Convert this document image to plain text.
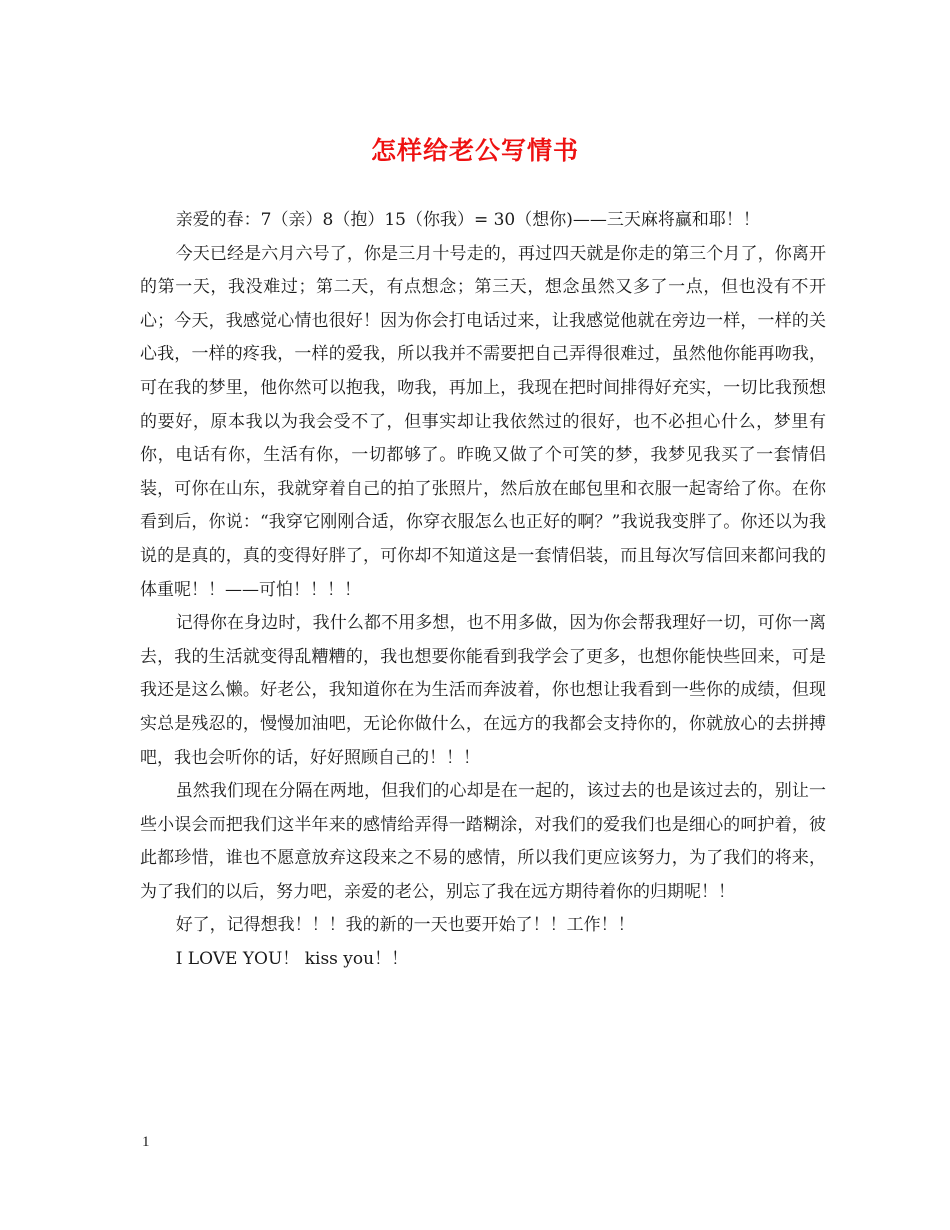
怎样给老公写情书

亲爱的春：7（亲）8（抱）15（你我）= 30（想你)——三天麻将赢和耶！！

今天已经是六月六号了，你是三月十号走的，再过四天就是你走的第三个月了，你离开的第一天，我没难过；第二天，有点想念；第三天，想念虽然又多了一点，但也没有不开心；今天，我感觉心情也很好！因为你会打电话过来，让我感觉他就在旁边一样，一样的关心我，一样的疼我，一样的爱我，所以我并不需要把自己弄得很难过，虽然他你能再吻我，可在我的梦里，他你然可以抱我，吻我，再加上，我现在把时间排得好充实，一切比我预想的要好，原本我以为我会受不了，但事实却让我依然过的很好，也不必担心什么，梦里有你，电话有你，生活有你，一切都够了。昨晚又做了个可笑的梦，我梦见我买了一套情侣装，可你在山东，我就穿着自己的拍了张照片，然后放在邮包里和衣服一起寄给了你。在你看到后，你说：“我穿它刚刚合适，你穿衣服怎么也正好的啊？”我说我变胖了。你还以为我说的是真的，真的变得好胖了，可你却不知道这是一套情侣装，而且每次写信回来都问我的体重呢！！——可怕！！！！

记得你在身边时，我什么都不用多想，也不用多做，因为你会帮我理好一切，可你一离去，我的生活就变得乱糟糟的，我也想要你能看到我学会了更多，也想你能快些回来，可是我还是这么懒。好老公，我知道你在为生活而奔波着，你也想让我看到一些你的成绩，但现实总是残忍的，慢慢加油吧，无论你做什么，在远方的我都会支持你的，你就放心的去拼搏吧，我也会听你的话，好好照顾自己的！！！

虽然我们现在分隔在两地，但我们的心却是在一起的，该过去的也是该过去的，别让一些小误会而把我们这半年来的感情给弄得一踏糊涂，对我们的爱我们也是细心的呵护着，彼此都珍惜，谁也不愿意放弃这段来之不易的感情，所以我们更应该努力，为了我们的将来，为了我们的以后，努力吧，亲爱的老公，别忘了我在远方期待着你的归期呢！！

好了，记得想我！！！我的新的一天也要开始了！！工作！！

I LOVE YOU！ kiss you！！

1
